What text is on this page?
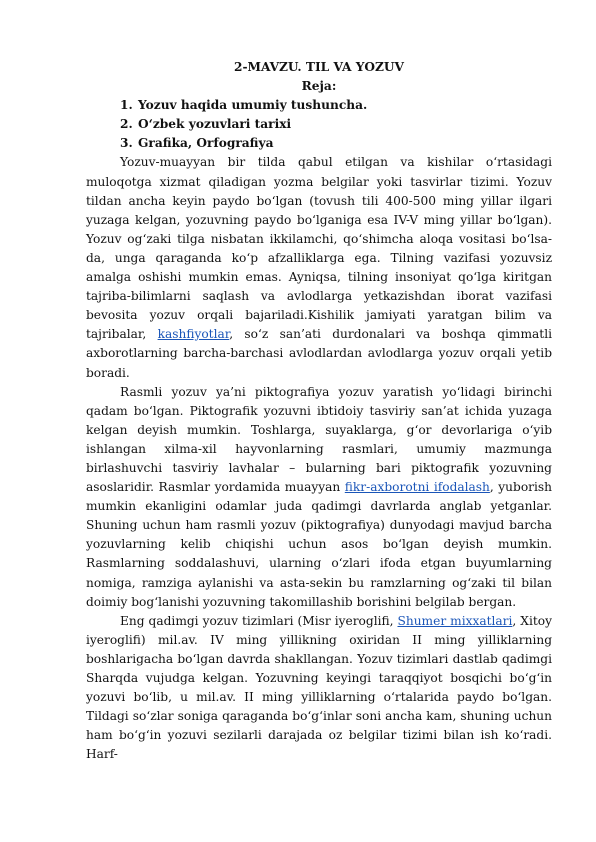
2-MAVZU. TIL VA YOZUV

Reja:

1. Yozuv haqida umumiy tushuncha.
2. O‘zbek yozuvlari tarixi
3. Grafika, Orfografiya

Yozuv-muayyan bir tilda qabul etilgan va kishilar o‘rtasidagi muloqotga xizmat qiladigan yozma belgilar yoki tasvirlar tizimi. Yozuv tildan ancha keyin paydo bo‘lgan (tovush tili 400-500 ming yillar ilgari yuzaga kelgan, yozuvning paydo bo‘lganiga esa IV-V ming yillar bo‘lgan). Yozuv og‘zaki tilga nisbatan ikkilamchi, qo‘shimcha aloqa vositasi bo‘lsa-da, unga qaraganda ko‘p afzalliklarga ega. Tilning vazifasi yozuvsiz amalga oshishi mumkin emas. Ayniqsa, tilning insoniyat qo‘lga kiritgan tajriba-bilimlarni saqlash va avlodlarga yetkazishdan iborat vazifasi bevosita yozuv orqali bajariladi.Kishilik jamiyati yaratgan bilim va tajribalar, kashfiyotlar, so‘z san’ati durdonalari va boshqa qimmatli axborotlarning barcha-barchasi avlodlardan avlodlarga yozuv orqali yetib boradi.

Rasmli yozuv ya’ni piktografiya yozuv yaratish yo‘lidagi birinchi qadam bo‘lgan. Piktografik yozuvni ibtidoiy tasviriy san’at ichida yuzaga kelgan deyish mumkin. Toshlarga, suyaklarga, g‘or devorlariga o‘yib ishlangan xilma-xil hayvonlarning rasmlari, umumiy mazmunga birlashuvchi tasviriy lavhalar – bularning bari piktografik yozuvning asoslaridir. Rasmlar yordamida muayyan fikr-axborotni ifodalash, yuborish mumkin ekanligini odamlar juda qadimgi davrlarda anglab yetganlar. Shuning uchun ham rasmli yozuv (piktografiya) dunyodagi mavjud barcha yozuvlarning kelib chiqishi uchun asos bo‘lgan deyish mumkin. Rasmlarning soddalashuvi, ularning o‘zlari ifoda etgan buyumlarning nomiga, ramziga aylanishi va asta-sekin bu ramzlarning og‘zaki til bilan doimiy bog‘lanishi yozuvning takomillashib borishini belgilab bergan.

Eng qadimgi yozuv tizimlari (Misr iyeroglifi, Shumer mixxatlari, Xitoy iyeroglifi) mil.av. IV ming yillikning oxiridan II ming yilliklarning boshlarigacha bo‘lgan davrda shakllangan. Yozuv tizimlari dastlab qadimgi Sharqda vujudga kelgan. Yozuvning keyingi taraqqiyot bosqichi bo‘g‘in yozuvi bo‘lib, u mil.av. II ming yilliklarning o‘rtalarida paydo bo‘lgan. Tildagi so‘zlar soniga qaraganda bo‘g‘inlar soni ancha kam, shuning uchun ham bo‘g‘in yozuvi sezilarli darajada oz belgilar tizimi bilan ish ko‘radi. Harf-
